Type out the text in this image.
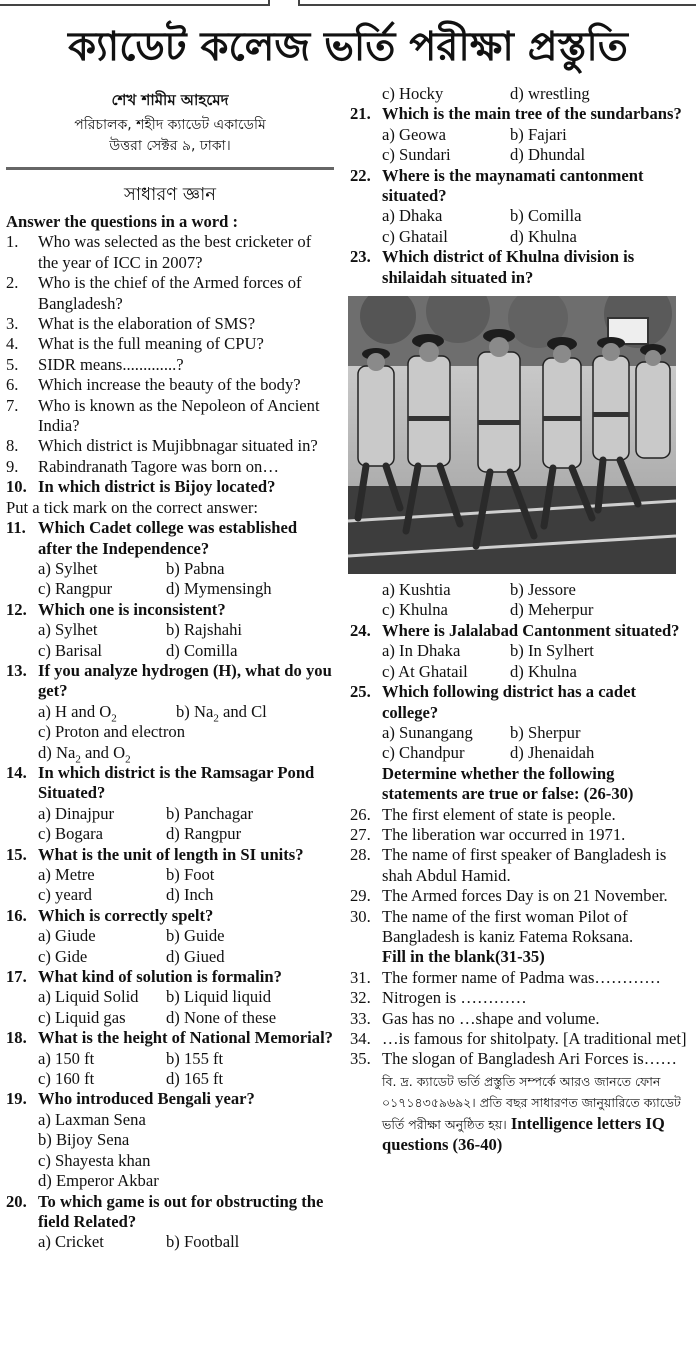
ক্যাডেট কলেজ ভর্তি পরীক্ষা প্রস্তুতি
শেখ শামীম আহমেদ
পরিচালক, শহীদ ক্যাডেট একাডেমি
উত্তরা সেক্টর ৯, ঢাকা।
সাধারণ জ্ঞান
Answer the questions in a word :
1.	Who was selected as the best cricketer of the year of ICC in 2007?
2.	Who is the chief of the Armed forces of Bangladesh?
3.	What is the elaboration of SMS?
4.	What is the full meaning of CPU?
5.	SIDR means.............?
6.	Which increase the beauty of the body?
7.	Who is known as the Nepoleon of Ancient India?
8.	Which district is Mujibbnagar situated in?
9.	Rabindranath Tagore was born on…
10. In which district is Bijoy located?
Put a tick mark on the correct answer:
11. Which Cadet college was established after the Independence?
a) Sylhet	b) Pabna
c) Rangpur	d) Mymensingh
12. Which one is inconsistent?
a) Sylhet	b) Rajshahi
c) Barisal	d) Comilla
13. If you analyze hydrogen (H), what do you get?
a) H and $O_2$	b) $Na_2$ and Cl
c) Proton and electron
d) $Na_2$ and $O_2$
14. In which district is the Ramsagar Pond Situated?
a) Dinajpur	b) Panchagar
c) Bogara	d) Rangpur
15. What is the unit of length in SI units?
a) Metre	b) Foot
c) yeard	d) Inch
16. Which is correctly spelt?
a) Giude	b) Guide
c) Gide	d) Giued
17. What kind of solution is formalin?
a) Liquid Solid	b) Liquid liquid
c) Liquid gas	d) None of these
18. What is the height of National Memorial?
a) 150 ft	b) 155 ft
c) 160 ft	d) 165 ft
19. Who introduced Bengali year?
a) Laxman Sena
b) Bijoy Sena
c) Shayesta khan
d) Emperor Akbar
20. To which game is out for obstructing the field Related?
a) Cricket	b) Football
c) Hocky	d) wrestling
21. Which is the main tree of the sundarbans?
a) Geowa	b) Fajari
c) Sundari	d) Dhundal
22. Where is the maynamati cantonment situated?
a) Dhaka	b) Comilla
c) Ghatail	d) Khulna
23. Which district of Khulna division is shilaidah situated in?
a) Kushtia	b) Jessore
c) Khulna	d) Meherpur
24. Where is Jalalabad Cantonment situated?
a) In Dhaka	b) In Sylhert
c) At Ghatail	d) Khulna
25. Which following district has a cadet college?
a) Sunangang	b) Sherpur
c) Chandpur	d) Jhenaidah
Determine whether the following statements are true or false: (26-30)
26. The first element of state is people.
27. The liberation war occurred in 1971.
28. The name of first speaker of Bangladesh is shah Abdul Hamid.
29. The Armed forces Day is on 21 November.
30. The name of the first woman Pilot of Bangladesh is kaniz Fatema Roksana.
Fill in the blank(31-35)
31. The former name of Padma was…………
32. Nitrogen is …………
33. Gas has no …shape and volume.
34. …is famous for shitolpaty. [A traditional met]
35. The slogan of Bangladesh Ari Forces is…… বি. দ্র. ক্যাডেট ভর্তি প্রস্তুতি সম্পর্কে আরও জানতে ফোন ০১৭১৪৩৫৯৬৯২। প্রতি বছর সাধারণত জানুয়ারিতে ক্যাডেট ভর্তি পরীক্ষা অনুষ্ঠিত হয়। Intelligence letters IQ questions (36-40)
